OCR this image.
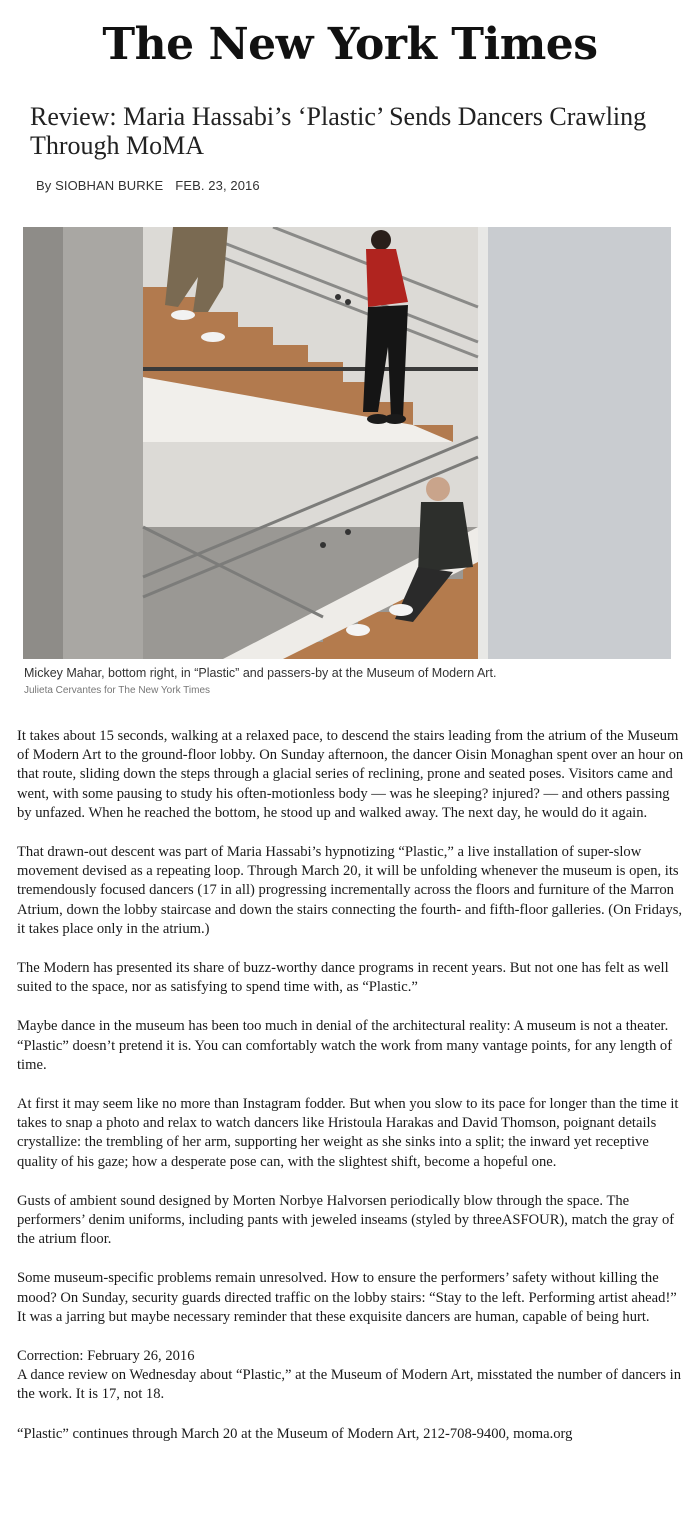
The New York Times
Review: Maria Hassabi’s ‘Plastic’ Sends Dancers Crawling Through MoMA
By SIOBHAN BURKE FEB. 23, 2016
Mickey Mahar, bottom right, in “Plastic” and passers-by at the Museum of Modern Art.
Julieta Cervantes for The New York Times

It takes about 15 seconds, walking at a relaxed pace, to descend the stairs leading from the atrium of the Museum of Modern Art to the ground-floor lobby. On Sunday afternoon, the dancer Oisin Monaghan spent over an hour on that route, sliding down the steps through a glacial series of reclining, prone and seated poses. Visitors came and went, with some pausing to study his often-motionless body — was he sleeping? injured? — and others passing by unfazed. When he reached the bottom, he stood up and walked away. The next day, he would do it again.

That drawn-out descent was part of Maria Hassabi’s hypnotizing “Plastic,” a live installation of super-slow movement devised as a repeating loop. Through March 20, it will be unfolding whenever the museum is open, its tremendously focused dancers (17 in all) progressing incrementally across the floors and furniture of the Marron Atrium, down the lobby staircase and down the stairs connecting the fourth- and fifth-floor galleries. (On Fridays, it takes place only in the atrium.)

The Modern has presented its share of buzz-worthy dance programs in recent years. But not one has felt as well suited to the space, nor as satisfying to spend time with, as “Plastic.”

Maybe dance in the museum has been too much in denial of the architectural reality: A museum is not a theater. “Plastic” doesn’t pretend it is. You can comfortably watch the work from many vantage points, for any length of time.

At first it may seem like no more than Instagram fodder. But when you slow to its pace for longer than the time it takes to snap a photo and relax to watch dancers like Hristoula Harakas and David Thomson, poignant details crystallize: the trembling of her arm, supporting her weight as she sinks into a split; the inward yet receptive quality of his gaze; how a desperate pose can, with the slightest shift, become a hopeful one.

Gusts of ambient sound designed by Morten Norbye Halvorsen periodically blow through the space. The performers’ denim uniforms, including pants with jeweled inseams (styled by threeASFOUR), match the gray of the atrium floor.

Some museum-specific problems remain unresolved. How to ensure the performers’ safety without killing the mood? On Sunday, security guards directed traffic on the lobby stairs: “Stay to the left. Performing artist ahead!” It was a jarring but maybe necessary reminder that these exquisite dancers are human, capable of being hurt.

Correction: February 26, 2016

A dance review on Wednesday about “Plastic,” at the Museum of Modern Art, misstated the number of dancers in the work. It is 17, not 18.

“Plastic” continues through March 20 at the Museum of Modern Art, 212-708-9400, moma.org
